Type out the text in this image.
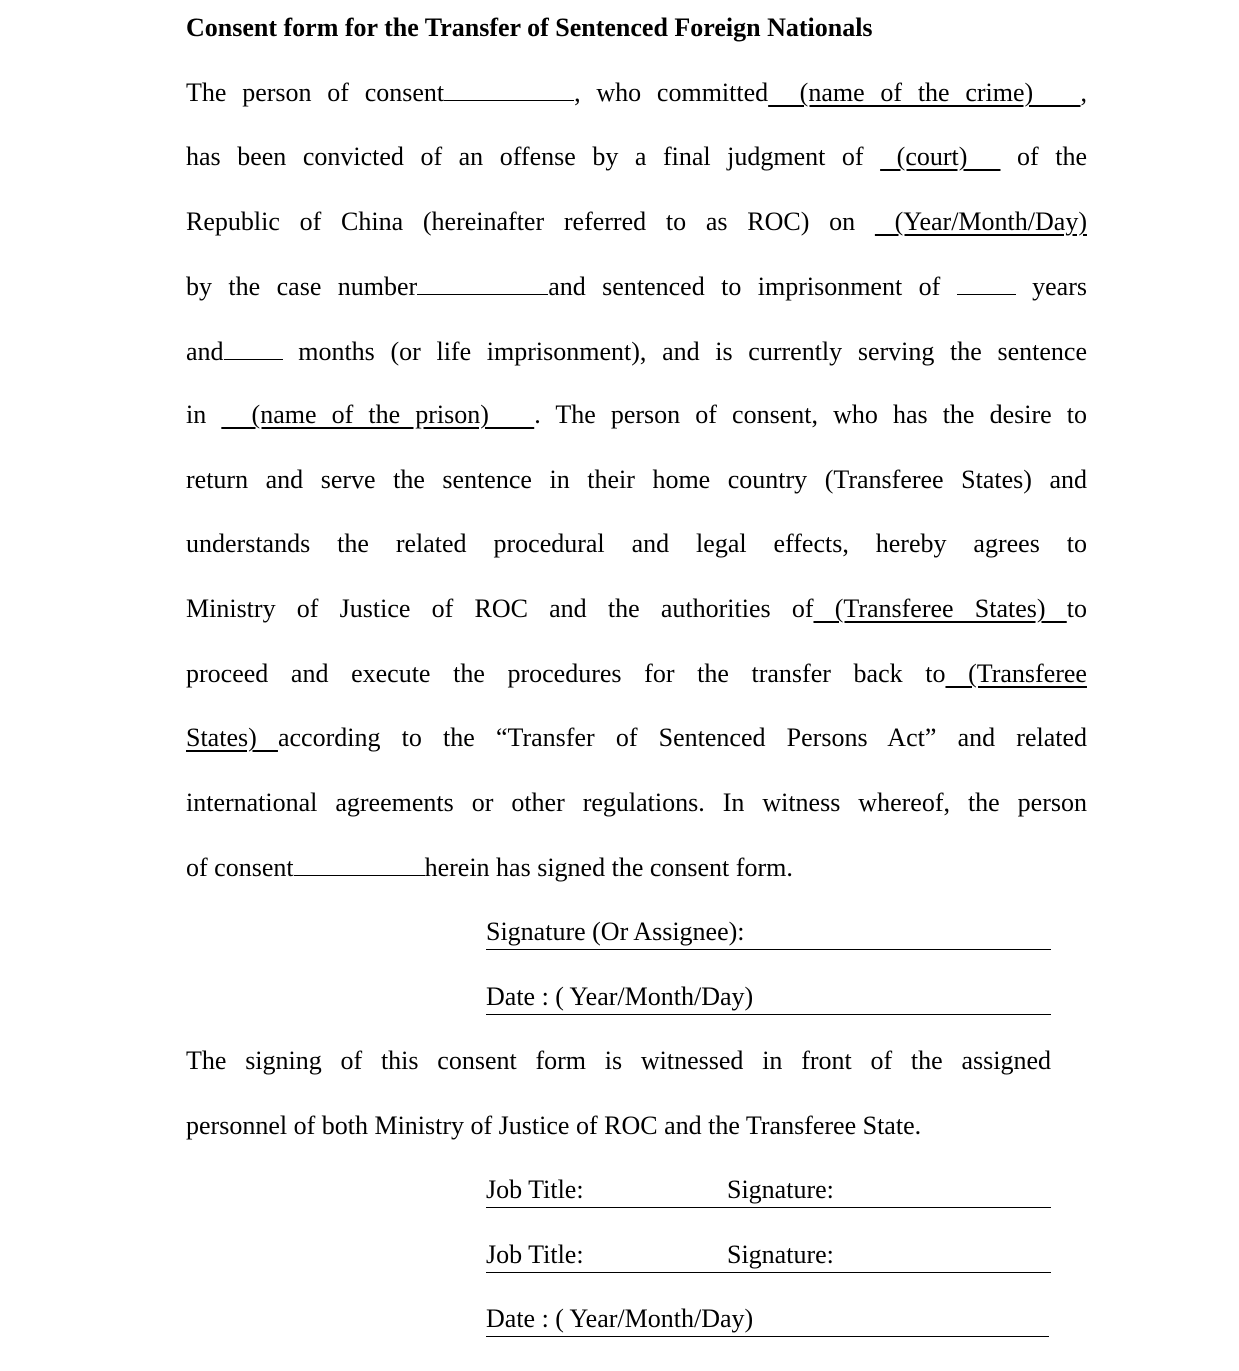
Consent form for the Transfer of Sentenced Foreign Nationals
The person of consent	, who committed  (name of the crime)   ,
has been convicted of an offense by a final judgment of  (court)   of the
Republic of China (hereinafter referred to as ROC) on  (Year/Month/Day)
by the case number	and sentenced to imprisonment of  years
and months (or life imprisonment), and is currently serving the sentence
in   (name of the prison)   . The person of consent, who has the desire to
return and serve the sentence in their home country (Transferee States) and
understands the related procedural and legal effects, hereby agrees to
Ministry of Justice of ROC and the authorities of (Transferee States) to
proceed and execute the procedures for the transfer back to (Transferee
States) according to the “Transfer of Sentenced Persons Act” and related
international agreements or other regulations. In witness whereof, the person
of consent	herein has signed the consent form.
The signing of this consent form is witnessed in front of the assigned
personnel of both Ministry of Justice of ROC and the Transferee State.
Signature (Or Assignee):
Date : ( Year/Month/Day)
Job Title:	Signature:
Job Title:	Signature:
Date : ( Year/Month/Day)
